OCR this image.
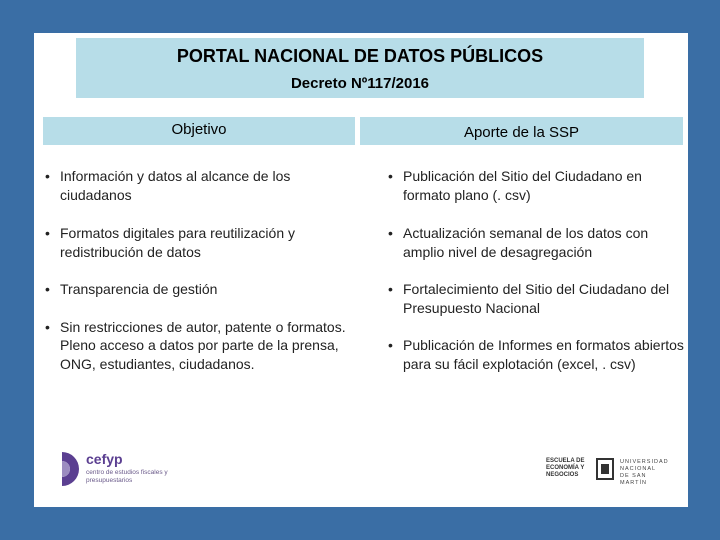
PORTAL NACIONAL DE DATOS PÚBLICOS
Decreto Nº117/2016
Objetivo	Aporte de la SSP
• Información y datos al alcance de los ciudadanos
• Formatos digitales para reutilización y redistribución de datos
• Transparencia de gestión
• Sin restricciones de autor, patente o formatos. Pleno acceso a datos por parte de la prensa, ONG, estudiantes, ciudadanos.
• Publicación del Sitio del Ciudadano en formato plano (. csv)
• Actualización semanal de los datos con amplio nivel de desagregación
• Fortalecimiento del Sitio del Ciudadano del Presupuesto Nacional
• Publicación de Informes en formatos abiertos para su fácil explotación (excel, . csv)
cefyp
centro de estudios fiscales y presupuestarios
ESCUELA DE ECONOMÍA Y NEGOCIOS
UNIVERSIDAD NACIONAL DE SAN MARTÍN
